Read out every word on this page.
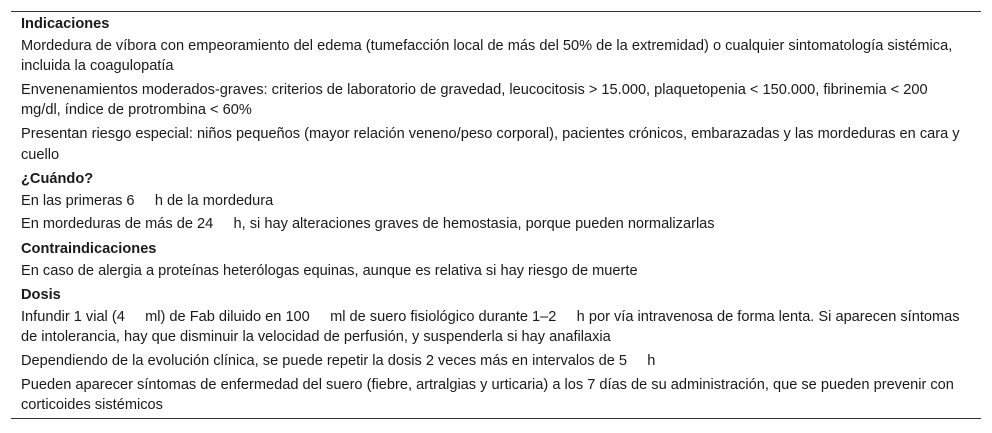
Indicaciones
Mordedura de víbora con empeoramiento del edema (tumefacción local de más del 50% de la extremidad) o cualquier sintomatología sistémica, incluida la coagulopatía
Envenenamientos moderados-graves: criterios de laboratorio de gravedad, leucocitosis > 15.000, plaquetopenia < 150.000, fibrinemia < 200     mg/dl, índice de protrombina < 60%
Presentan riesgo especial: niños pequeños (mayor relación veneno/peso corporal), pacientes crónicos, embarazadas y las mordeduras en cara y cuello
¿Cuándo?
En las primeras 6     h de la mordedura
En mordeduras de más de 24     h, si hay alteraciones graves de hemostasia, porque pueden normalizarlas
Contraindicaciones
En caso de alergia a proteínas heterólogas equinas, aunque es relativa si hay riesgo de muerte
Dosis
Infundir 1 vial (4     ml) de Fab diluido en 100     ml de suero fisiológico durante 1–2     h por vía intravenosa de forma lenta. Si aparecen síntomas de intolerancia, hay que disminuir la velocidad de perfusión, y suspenderla si hay anafilaxia
Dependiendo de la evolución clínica, se puede repetir la dosis 2 veces más en intervalos de 5     h
Pueden aparecer síntomas de enfermedad del suero (fiebre, artralgias y urticaria) a los 7 días de su administración, que se pueden prevenir con corticoides sistémicos
